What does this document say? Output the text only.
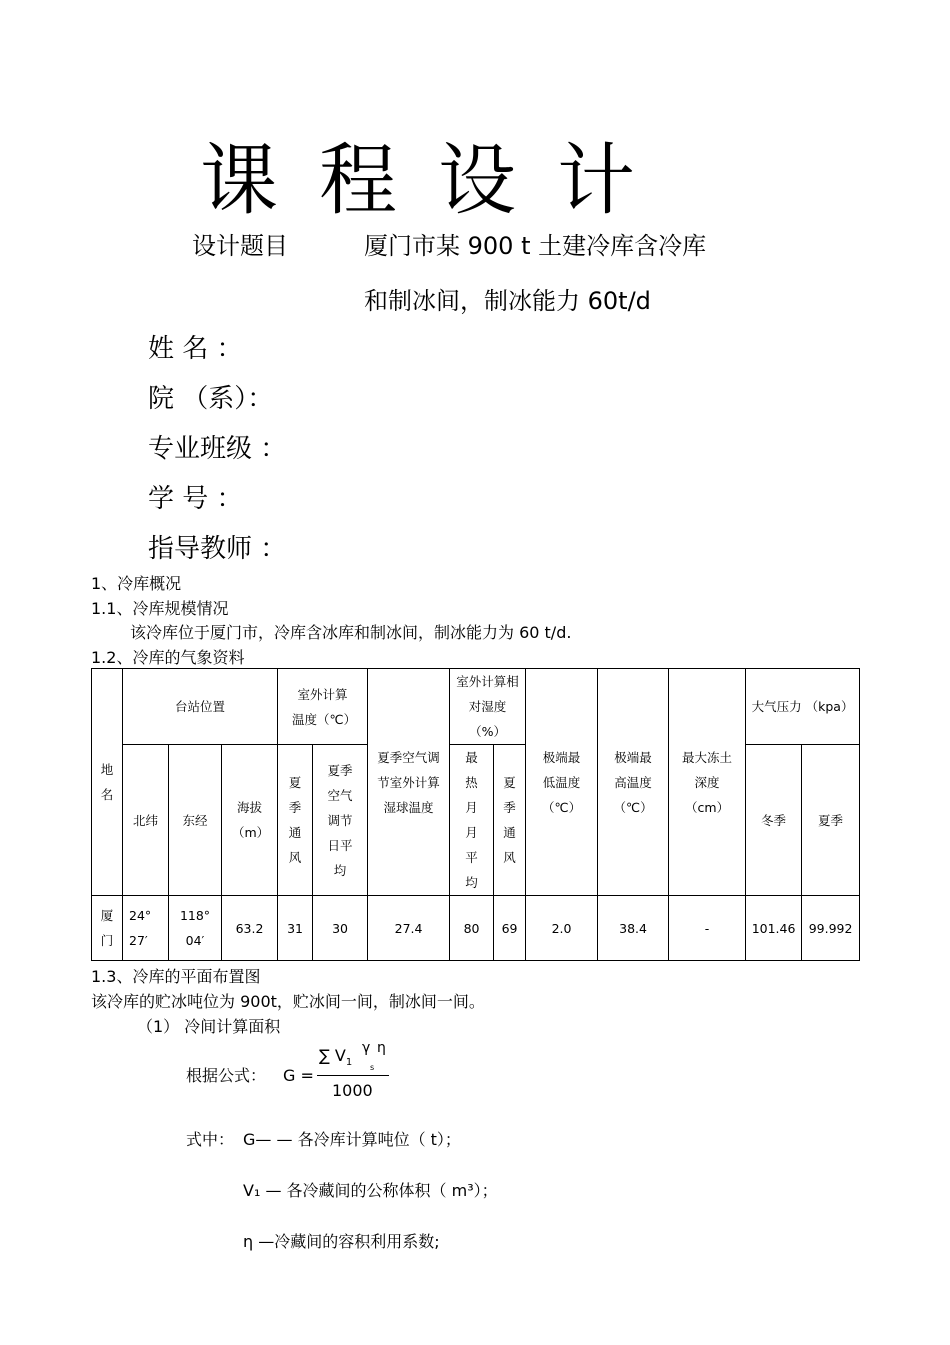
课 程 设 计
设计题目	厦门市某 900 t 土建冷库含冷库
和制冰间，制冰能力 60t/d
姓 名 ：
院 （系）：
专业班级 ：
学 号 ：
指导教师 ：
1、冷库概况
1.1、冷库规模情况
该冷库位于厦门市，冷库含冰库和制冰间，制冰能力为 60 t/d.
1.2、冷库的气象资料
地名	台站位置			室外计算温度（℃）		夏季空气调节室外计算湿球温度	室外计算相对湿度（%）		极端最低温度（℃）	极端最高温度（℃）	最大冻土深度（cm）	大气压力 （kpa）	
	北纬	东经	海拔（m）	夏季通风	夏季空气调节日平均		最热月月平均	夏季通风				冬季	夏季
厦门	24° 27′	118° 04′	63.2	31	30	27.4	80	69	2.0	38.4	-	101.46	99.992
1.3、冷库的平面布置图
该冷库的贮冰吨位为 900t，贮冰间一间，制冰间一间。
（1） 冷间计算面积
根据公式： G =
∑ $V_1$
γ
s
η
1000
式中： G— — 各冷库计算吨位（ t）；
V₁ — 各冷藏间的公称体积（ m³）；
η —冷藏间的容积利用系数;
